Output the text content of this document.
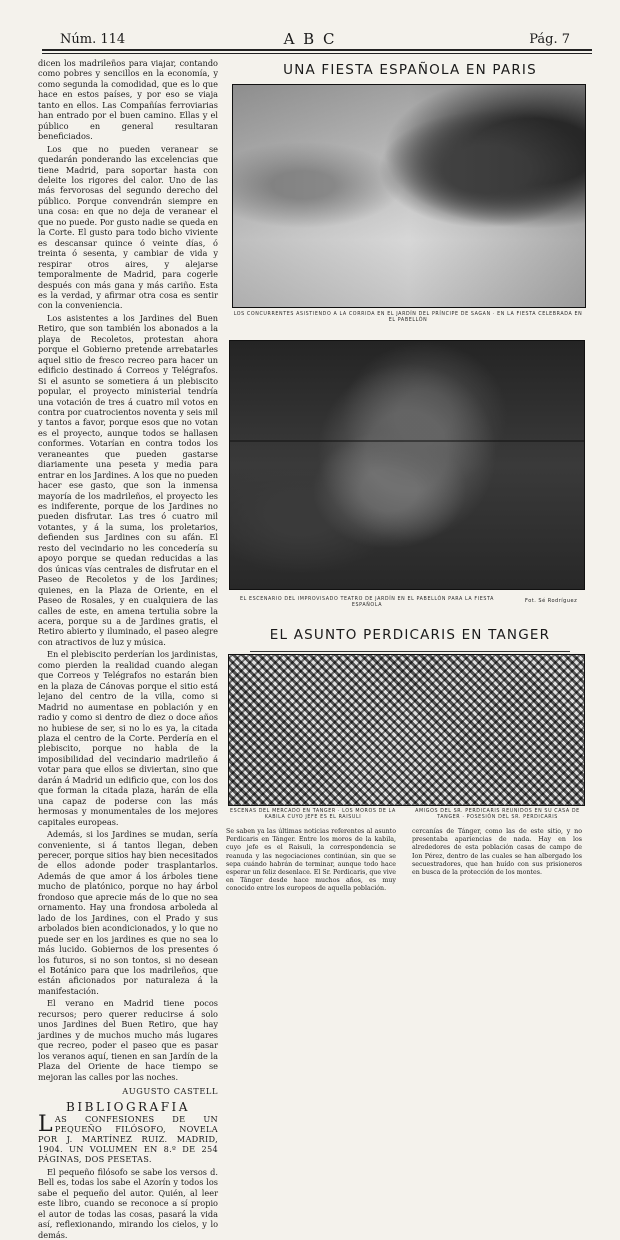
Núm. 114	A B C	Pág. 7

dicen los madrileños para viajar, contando como pobres y sencillos en la economía, y como segunda la comodidad, que es lo que hace en estos países, y por eso se viaja tanto en ellos. Las Compañías ferroviarias han entrado por el buen camino. Ellas y el público en general resultaran beneficiados.

Los que no pueden veranear se quedarán ponderando las excelencias que tiene Madrid, para soportar hasta con deleite los rigores del calor. Uno de las más fervorosas del segundo derecho del público. Porque convendrán siempre en una cosa: en que no deja de veranear el que no puede. Por gusto nadie se queda en la Corte. El gusto para todo bicho viviente es descansar quince ó veinte días, ó treinta ó sesenta, y cambiar de vida y respirar otros aires, y alejarse temporalmente de Madrid, para cogerle después con más gana y más cariño. Esta es la verdad, y afirmar otra cosa es sentir con la conveniencia.

Los asistentes a los Jardines del Buen Retiro, que son también los abonados a la playa de Recoletos, protestan ahora porque el Gobierno pretende arrebatarles aquel sitio de fresco recreo para hacer un edificio destinado á Correos y Telégrafos. Si el asunto se sometiera á un plebiscito popular, el proyecto ministerial tendría una votación de tres á cuatro mil votos en contra por cuatrocientos noventa y seis mil y tantos a favor, porque esos que no votan es el proyecto, aunque todos se hallasen conformes. Votarían en contra todos los veraneantes que pueden gastarse diariamente una peseta y media para entrar en los Jardines. A los que no pueden hacer ese gasto, que son la inmensa mayoría de los madrileños, el proyecto les es indiferente, porque de los Jardines no pueden disfrutar. Las tres ó cuatro mil votantes, y á la suma, los proletarios, defienden sus Jardines con su afán. El resto del vecindario no les concedería su apoyo porque se quedan reducidas a las dos únicas vías centrales de disfrutar en el Paseo de Recoletos y de los Jardines; quienes, en la Plaza de Oriente, en el Paseo de Rosales, y en cualquiera de las calles de este, en amena tertulia sobre la acera, porque su a de Jardines gratis, el Retiro abierto y iluminado, el paseo alegre con atractivos de luz y música.

En el plebiscito perderían los jardinistas, como pierden la realidad cuando alegan que Correos y Telégrafos no estarán bien en la plaza de Cánovas porque el sitio está lejano del centro de la villa, como si Madrid no aumentase en población y en radio y como si dentro de diez o doce años no hubiese de ser, si no lo es ya, la citada plaza el centro de la Corte. Perdería en el plebiscito, porque no habla de la imposibilidad del vecindario madrileño á votar para que ellos se diviertan, sino que darán á Madrid un edificio que, con los dos que forman la citada plaza, harán de ella una capaz de poderse con las más hermosas y monumentales de los mejores capitales europeas.

Además, si los Jardines se mudan, sería conveniente, si á tantos llegan, deben perecer, porque sitios hay bien necesitados de ellos adonde poder trasplantarlos. Además de que amor á los árboles tiene mucho de platónico, porque no hay árbol frondoso que aprecie más de lo que no sea ornamento. Hay una frondosa arboleda al lado de los Jardines, con el Prado y sus arbolados bien acondicionados, y lo que no puede ser en los jardines es que no sea lo más lucido. Gobiernos de los presentes ó los futuros, si no son tontos, si no desean el Botánico para que los madrileños, que están aficionados por naturaleza á la manifestación.

El verano en Madrid tiene pocos recursos; pero querer reducirse á solo unos Jardines del Buen Retiro, que hay jardines y de muchos mucho más lugares que recreo, poder el paseo que es pasar los veranos aquí, tienen en san Jardín de la Plaza del Oriente de hace tiempo se mejoran las calles por las noches.

AUGUSTO CASTELL
BIBLIOGRAFIA
L AS CONFESIONES DE UN PEQUEÑO FILÓSOFO, NOVELA POR J. MARTÍNEZ RUIZ. MADRID, 1904. UN VOLUMEN EN 8.º DE 254 PÁGINAS, DOS PESETAS.

El pequeño filósofo se sabe los versos d. Bell es, todas los sabe el Azorín y todos los sabe el pequeño del autor. Quién, al leer este libro, cuando se reconoce a sí propio el autor de todas las cosas, pasará la vida así, reflexionando, mirando los cielos, y lo demás.

UNA FIESTA ESPAÑOLA EN PARIS
LOS CONCURRENTES ASISTIENDO A LA CORRIDA EN EL JARDÍN DEL PRÍNCIPE DE SAGAN · EN LA FIESTA CELEBRADA EN EL PABELLÓN
EL ESCENARIO DEL IMPROVISADO TEATRO DE JARDÍN EN EL PABELLÓN PARA LA FIESTA ESPAÑOLA
Fot. Sé Rodríguez
EL ASUNTO PERDICARIS EN TANGER
ESCENAS DEL MERCADO EN TANGER · LOS MOROS DE LA KABILA CUYO JEFE ES EL RAISULI
AMIGOS DEL SR. PERDICARIS REUNIDOS EN SU CASA DE TANGER · POSESIÓN DEL SR. PERDICARIS
Se saben ya las últimas noticias referentes al asunto Perdicaris en Tánger. Entre los moros de la kabila, cuyo jefe es el Raisuli, la correspondencia se reanuda y las negociaciones continúan, sin que se sepa cuándo habrán de terminar, aunque todo hace esperar un feliz desenlace. El Sr. Perdicaris, que vive en Tánger desde hace muchos años, es muy conocido entre los europeos de aquella población.
cercanías de Tánger, como las de este sitio, y no presentaba apariencias de nada. Hay en los alrededores de esta población casas de campo de Ion Pérez, dentro de las cuales se han albergado los secuestradores, que han huído con sus prisioneros en busca de la protección de los montes.
